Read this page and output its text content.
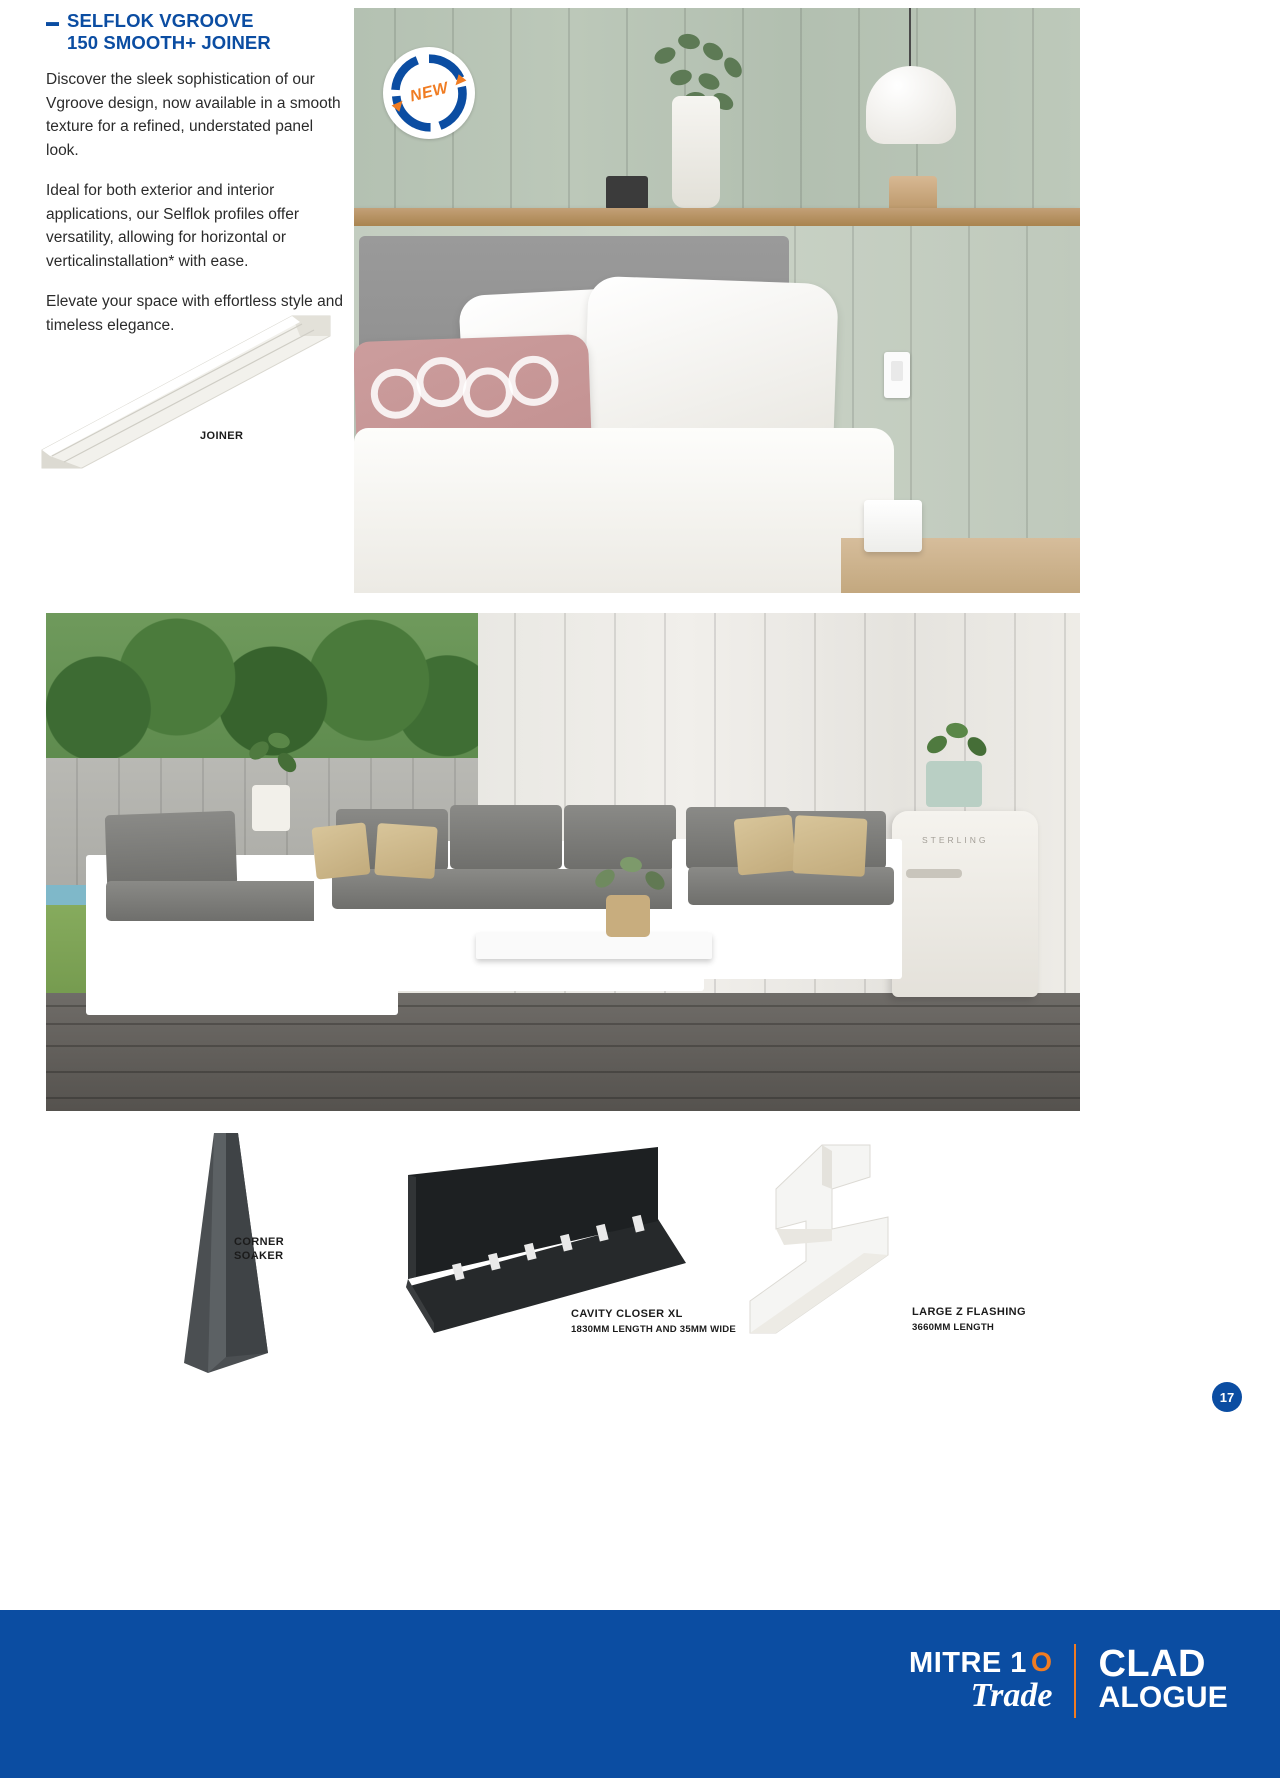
▬ SELFLOK VGROOVE
150 SMOOTH+ JOINER

Discover the sleek sophistication of our Vgroove design, now available in a smooth texture for a refined, understated panel look.

Ideal for both exterior and interior applications, our Selflok profiles offer versatility, allowing for horizontal or verticalinstallation* with ease.

Elevate your space with effortless style and timeless elegance.

JOINER
NEW
STERLING
CORNER
SOAKER
CAVITY CLOSER XL
1830MM LENGTH AND 35MM WIDE
LARGE Z FLASHING
3660MM LENGTH
17
MITRE 1 O
Trade
CLAD
ALOGUE
